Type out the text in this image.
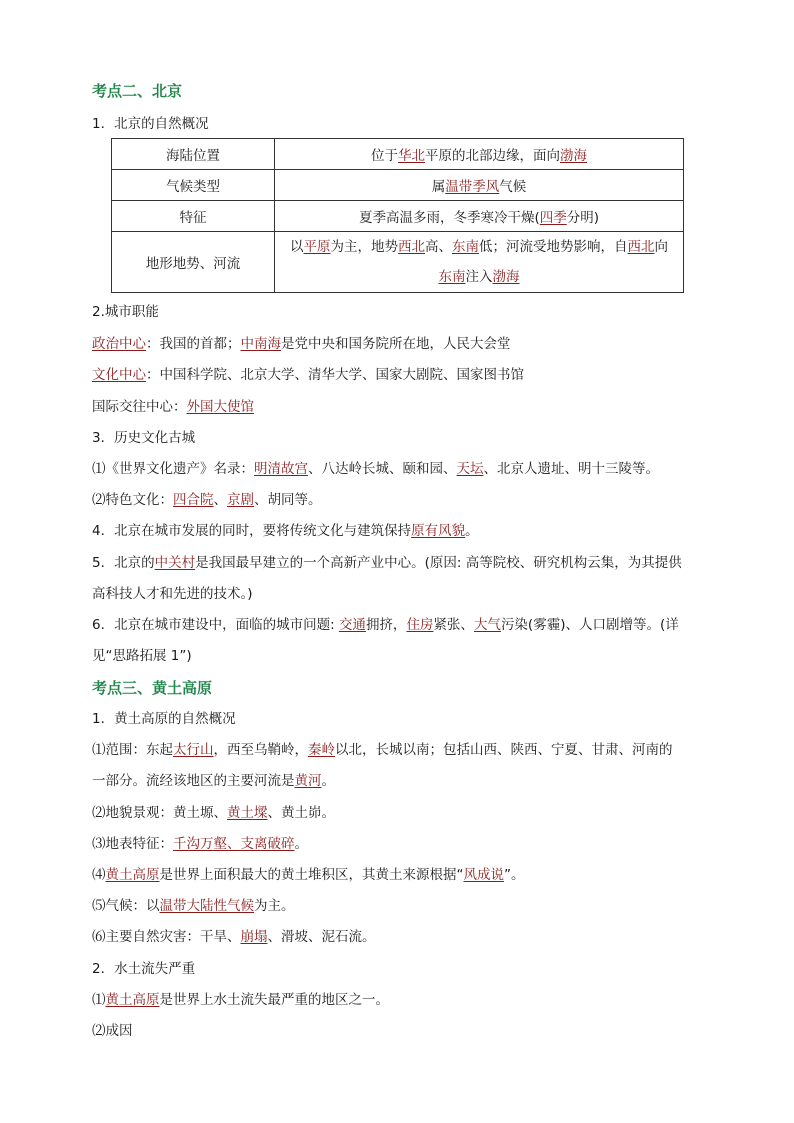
考点二、北京
1．北京的自然概况
海陆位置	位于华北平原的北部边缘，面向渤海
气候类型	属温带季风气候
特征	夏季高温多雨，冬季寒冷干燥(四季分明)
地形地势、河流	以平原为主，地势西北高、东南低；河流受地势影响，自西北向
东南注入渤海
2.城市职能
政治中心：我国的首都；中南海是党中央和国务院所在地，人民大会堂
文化中心：中国科学院、北京大学、清华大学、国家大剧院、国家图书馆
国际交往中心：外国大使馆
3．历史文化古城
⑴《世界文化遗产》名录：明清故宫、八达岭长城、颐和园、天坛、北京人遗址、明十三陵等。
⑵特色文化：四合院、京剧、胡同等。
4．北京在城市发展的同时，要将传统文化与建筑保持原有风貌。
5．北京的中关村是我国最早建立的一个高新产业中心。(原因: 高等院校、研究机构云集，为其提供
高科技人才和先进的技术。)
6．北京在城市建设中，面临的城市问题: 交通拥挤，住房紧张、大气污染(雾霾)、人口剧增等。(详
见“思路拓展 1”)
考点三、黄土高原
1．黄土高原的自然概况
⑴范围：东起太行山，西至乌鞘岭，秦岭以北，长城以南；包括山西、陕西、宁夏、甘肃、河南的
一部分。流经该地区的主要河流是黄河。
⑵地貌景观：黄土塬、黄土墚、黄土峁。
⑶地表特征：千沟万壑、支离破碎。
⑷黄土高原是世界上面积最大的黄土堆积区，其黄土来源根据“风成说”。
⑸气候：以温带大陆性气候为主。
⑹主要自然灾害：干旱、崩塌、滑坡、泥石流。
2．水土流失严重
⑴黄土高原是世界上水土流失最严重的地区之一。
⑵成因
